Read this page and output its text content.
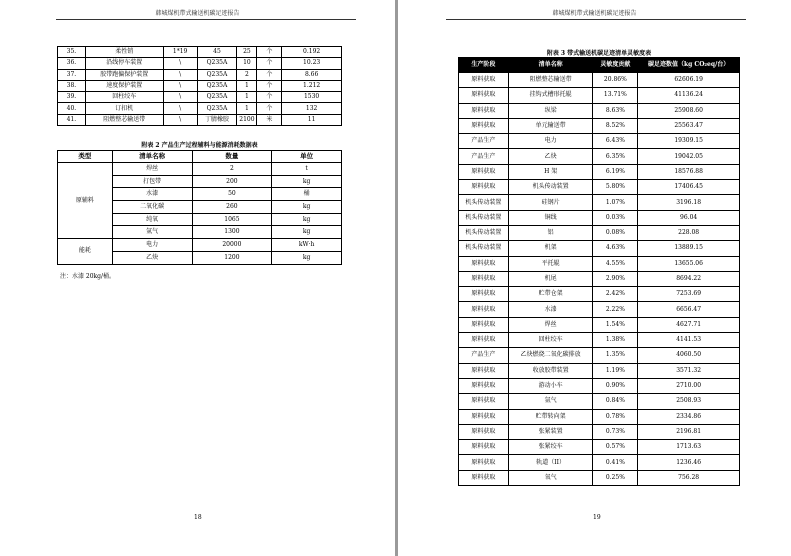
韩城煤机带式输送机碳足迹报告
35.	柔性销	1*19	45	25	个	0.192
36.	沿线停车装置	\	Q235A	10	个	10.23
37.	胶带跑偏保护装置	\	Q235A	2	个	8.66
38.	速度保护装置	\	Q235A	1	个	1.212
39.	回柱绞车	\	Q235A	1	个	1530
40.	订扣机	\	Q235A	1	个	132
41.	阻燃整芯输送带	\	丁腈橡胶	2100	米	11
附表 2 产品生产过程辅料与能源消耗数据表
类型	清单名称	数量	单位
原辅料	焊丝	2	t
	打包带	200	kg
	水漆	50	桶
	二氧化碳	260	kg
	纯氧	1065	kg
	氩气	1300	kg
能耗	电力	20000	kW·h
	乙炔	1200	kg
注：水漆 20kg/桶。
18
韩城煤机带式输送机碳足迹报告
附表 3 带式输送机碳足迹清单灵敏度表
生产阶段	清单名称	灵敏度贡献	碳足迹数值（kg CO₂eq/台）
原料获取	阻燃整芯输送带	20.86%	62606.19
原料获取	挂钩式槽形托辊	13.71%	41136.24
原料获取	纵梁	8.63%	25908.60
原料获取	单元输送带	8.52%	25563.47
产品生产	电力	6.43%	19309.15
产品生产	乙炔	6.35%	19042.05
原料获取	H 架	6.19%	18576.88
原料获取	机头传动装置	5.80%	17406.45
机头传动装置	硅钢片	1.07%	3196.18
机头传动装置	铜线	0.03%	96.04
机头传动装置	铝	0.08%	228.08
机头传动装置	机架	4.63%	13889.15
原料获取	平托辊	4.55%	13655.06
原料获取	机尾	2.90%	8694.22
原料获取	贮带仓架	2.42%	7253.69
原料获取	水漆	2.22%	6656.47
原料获取	焊丝	1.54%	4627.71
原料获取	回柱绞车	1.38%	4141.53
产品生产	乙炔燃烧二氧化碳排放	1.35%	4060.50
原料获取	收放胶带装置	1.19%	3571.32
原料获取	游动小车	0.90%	2710.00
原料获取	氩气	0.84%	2508.93
原料获取	贮带转向架	0.78%	2334.86
原料获取	张紧装置	0.73%	2196.81
原料获取	张紧绞车	0.57%	1713.63
原料获取	轨道（II）	0.41%	1236.46
原料获取	氧气	0.25%	756.28
19
